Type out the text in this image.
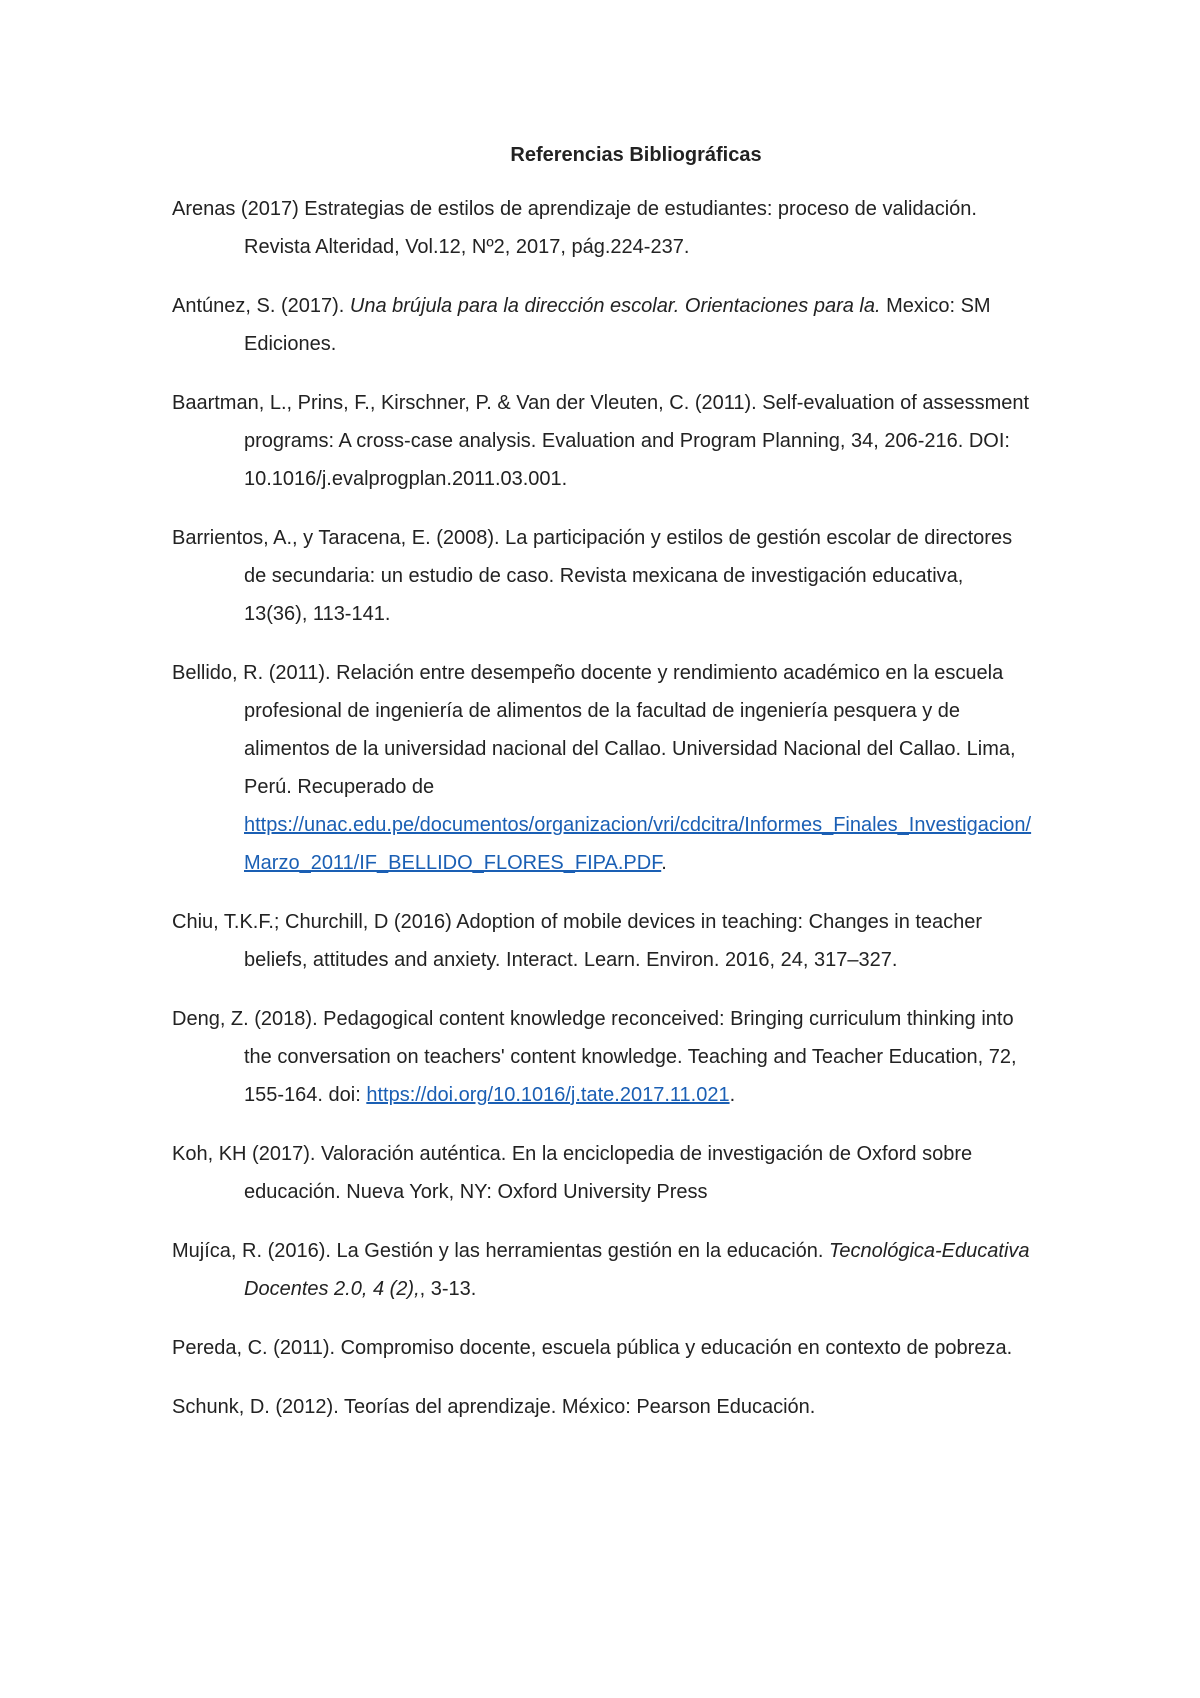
Referencias Bibliográficas

Arenas (2017) Estrategias de estilos de aprendizaje de estudiantes: proceso de validación. Revista Alteridad, Vol.12, Nº2, 2017, pág.224-237.

Antúnez, S. (2017). Una brújula para la dirección escolar. Orientaciones para la. Mexico: SM Ediciones.

Baartman, L., Prins, F., Kirschner, P. & Van der Vleuten, C. (2011). Self-evaluation of assessment programs: A cross-case analysis. Evaluation and Program Planning, 34, 206-216. DOI: 10.1016/j.evalprogplan.2011.03.001.

Barrientos, A., y Taracena, E. (2008). La participación y estilos de gestión escolar de directores de secundaria: un estudio de caso. Revista mexicana de investigación educativa, 13(36), 113-141.

Bellido, R. (2011). Relación entre desempeño docente y rendimiento académico en la escuela profesional de ingeniería de alimentos de la facultad de ingeniería pesquera y de alimentos de la universidad nacional del Callao. Universidad Nacional del Callao. Lima, Perú. Recuperado de
https://unac.edu.pe/documentos/organizacion/vri/cdcitra/Informes_Finales_Investigacion/Marzo_2011/IF_BELLIDO_FLORES_FIPA.PDF.

Chiu, T.K.F.; Churchill, D (2016) Adoption of mobile devices in teaching: Changes in teacher beliefs, attitudes and anxiety. Interact. Learn. Environ. 2016, 24, 317–327.

Deng, Z. (2018). Pedagogical content knowledge reconceived: Bringing curriculum thinking into the conversation on teachers' content knowledge. Teaching and Teacher Education, 72, 155-164. doi: https://doi.org/10.1016/j.tate.2017.11.021.

Koh, KH (2017). Valoración auténtica. En la enciclopedia de investigación de Oxford sobre educación. Nueva York, NY: Oxford University Press

Mujíca, R. (2016). La Gestión y las herramientas gestión en la educación. Tecnológica-Educativa Docentes 2.0, 4 (2),, 3-13.

Pereda, C. (2011). Compromiso docente, escuela pública y educación en contexto de pobreza.

Schunk, D. (2012). Teorías del aprendizaje. México: Pearson Educación.
